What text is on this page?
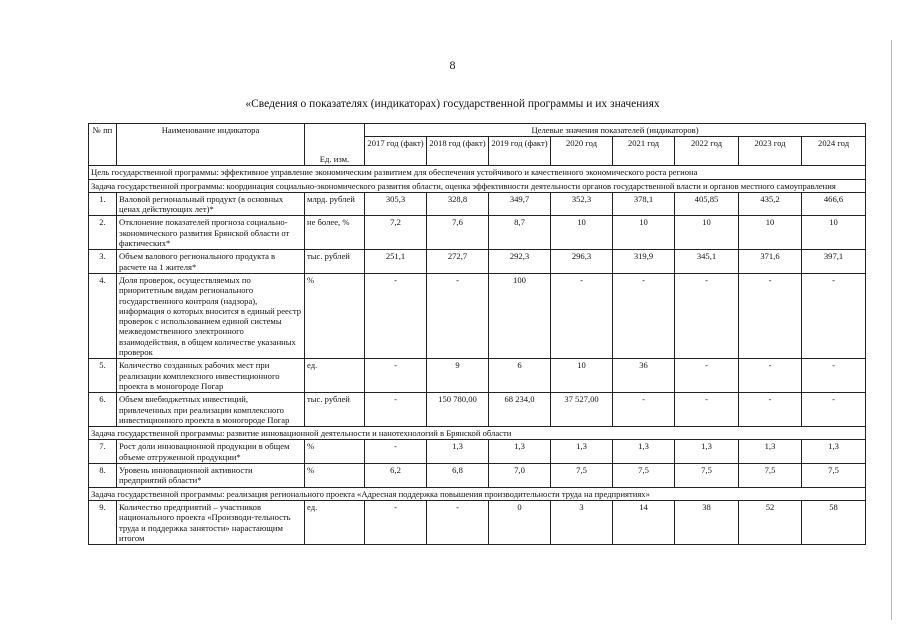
8
«Сведения о показателях (индикаторах) государственной программы и их значениях
№ пп	Наименование индикатора	Ед. изм.	Целевые значения показателей (индикаторов)							
			2017 год (факт)	2018 год (факт)	2019 год (факт)	2020 год	2021 год	2022 год	2023 год	2024 год
Цель государственной программы: эффективное управление экономическим развитием для обеспечения устойчивого и качественного экономического роста региона										
Задача государственной программы: координация социально-экономического развития области, оценка эффективности деятельности органов государственной власти и органов местного самоуправления										
1.	Валовой региональный продукт (в основных ценах действующих лет)*	млрд. рублей	305,3	328,8	349,7	352,3	378,1	405,85	435,2	466,6
2.	Отклонение показателей прогноза социально-экономического развития Брянской области от фактических*	не более, %	7,2	7,6	8,7	10	10	10	10	10
3.	Объем валового регионального продукта в расчете на 1 жителя*	тыс. рублей	251,1	272,7	292,3	296,3	319,9	345,1	371,6	397,1
4.	Доля проверок, осуществляемых по приоритетным видам регионального государственного контроля (надзора), информация о которых вносится в единый реестр проверок с использованием единой системы межведомственного электронного взаимодействия, в общем количестве указанных проверок	%	-	-	100	-	-	-	-	-
5.	Количество созданных рабочих мест при реализации комплексного инвестиционного проекта в моногороде Погар	ед.	-	9	6	10	36	-	-	-
6.	Объем внебюджетных инвестиций, привлеченных при реализации комплексного инвестиционного проекта в моногороде Погар	тыс. рублей	-	150 780,00	68 234,0	37 527,00	-	-	-	-
Задача государственной программы: развитие инновационной деятельности и нанотехнологий в Брянской области										
7.	Рост доли инновационной продукции в общем объеме отгруженной продукции*	%	-	1,3	1,3	1,3	1,3	1,3	1,3	1,3
8.	Уровень инновационной активности предприятий области*	%	6,2	6,8	7,0	7,5	7,5	7,5	7,5	7,5
Задача государственной программы: реализация регионального проекта «Адресная поддержка повышения производительности труда на предприятиях»										
9.	Количество предприятий – участников национального проекта «Производи-тельность труда и поддержка занятости» нарастающим итогом	ед.	-	-	0	3	14	38	52	58
